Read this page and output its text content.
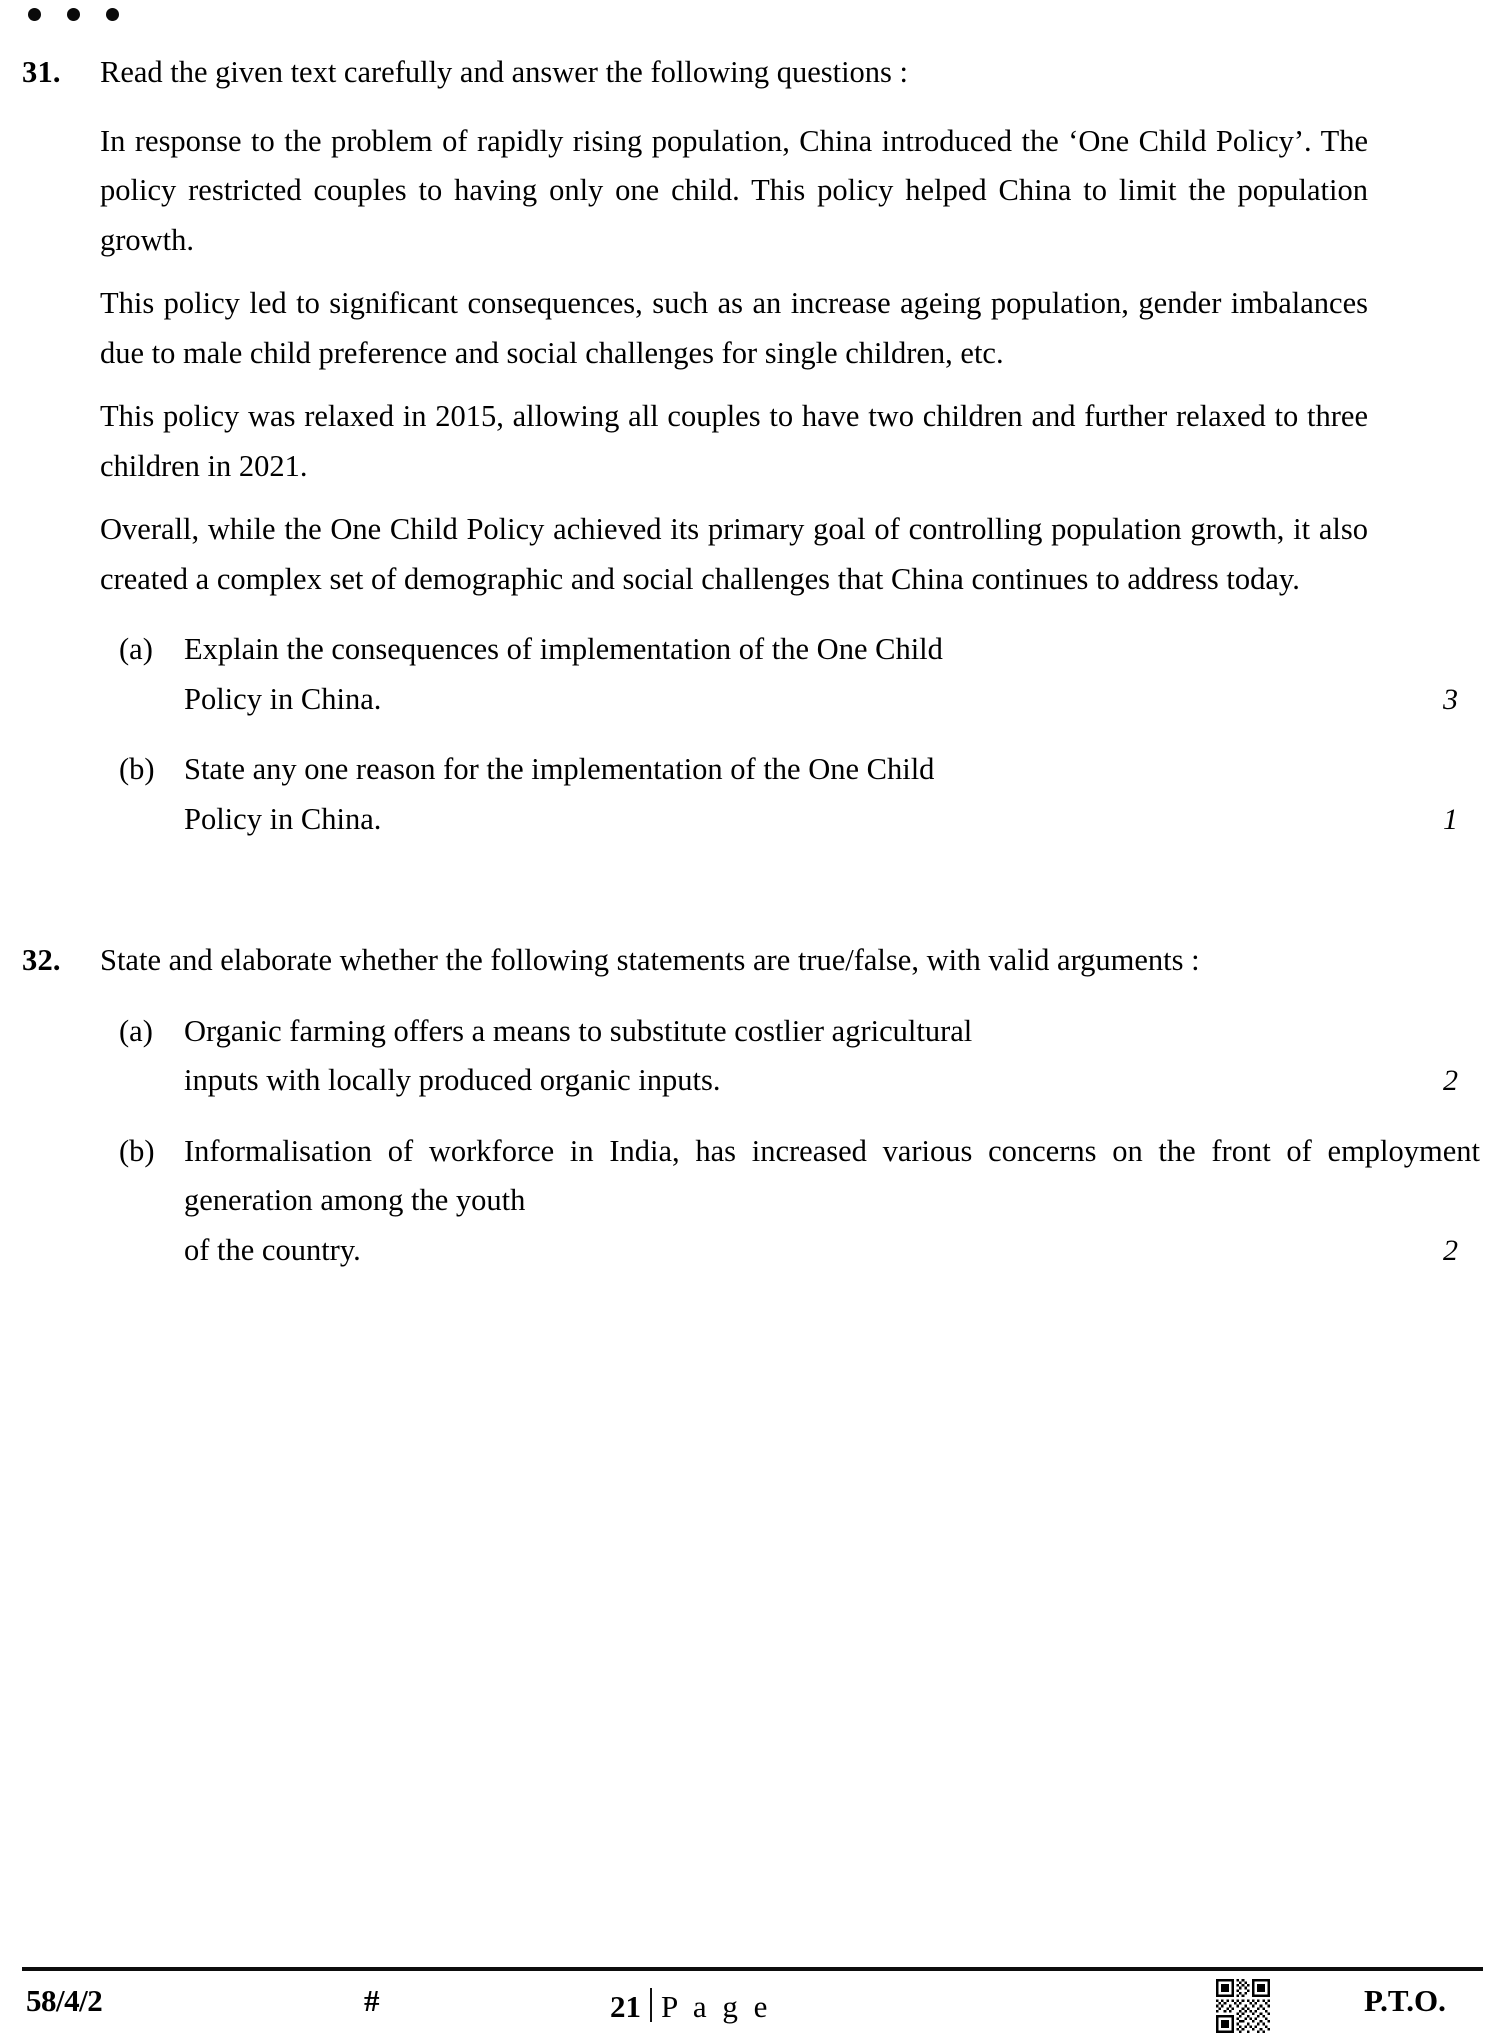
31.	Read the given text carefully and answer the following questions :

In response to the problem of rapidly rising population, China introduced the ‘One Child Policy’. The policy restricted couples to having only one child. This policy helped China to limit the population growth.

This policy led to significant consequences, such as an increase ageing population, gender imbalances due to male child preference and social challenges for single children, etc.

This policy was relaxed in 2015, allowing all couples to have two children and further relaxed to three children in 2021.

Overall, while the One Child Policy achieved its primary goal of controlling population growth, it also created a complex set of demographic and social challenges that China continues to address today.

(a)	Explain the consequences of implementation of the One Child
Policy in China.	3
(b) State any one reason for the implementation of the One Child
Policy in China.	1
32.	State and elaborate whether the following statements are true/false, with valid arguments :

(a)	Organic farming offers a means to substitute costlier agricultural
inputs with locally produced organic inputs.	2
(b) Informalisation of workforce in India, has increased various concerns on the front of employment generation among the youth
of the country.	2
58/4/2	#	21 P a g e	P.T.O.
